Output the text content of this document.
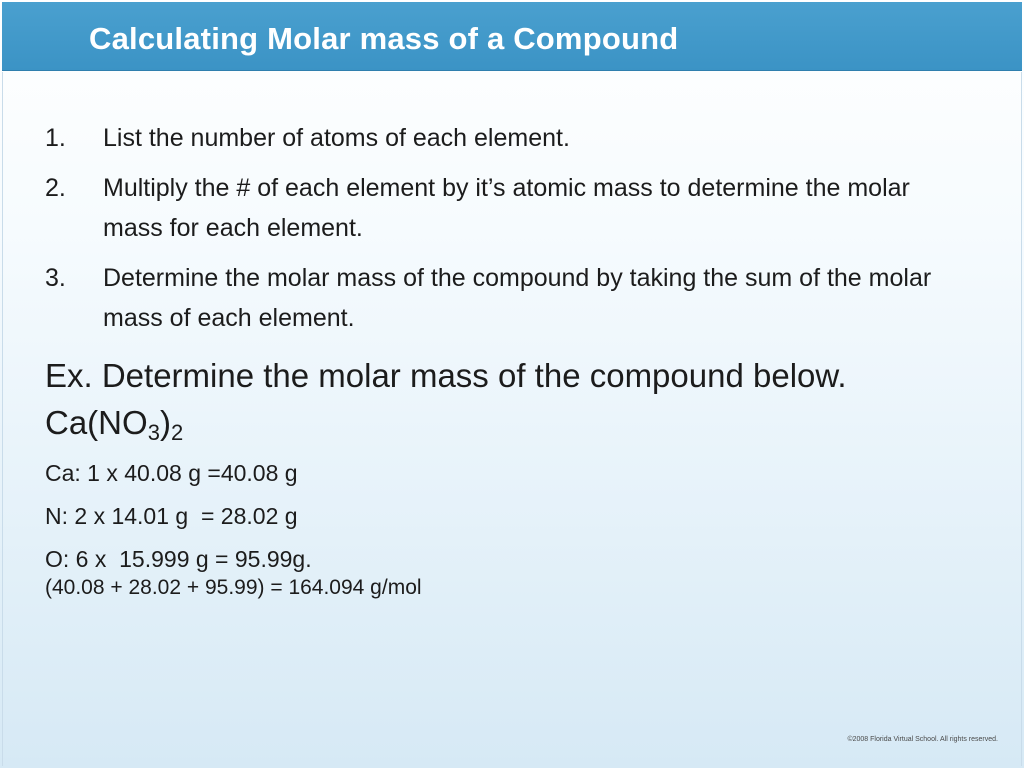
Calculating Molar mass of a Compound
1.	List the number of atoms of each element.
2.	Multiply the # of each element by it’s atomic mass to determine the molar mass for each element.
3.	Determine the molar mass of the compound by taking the sum of the molar mass of each element.
Ex. Determine the molar mass of the compound below. $Ca(NO_3)_2$
Ca: 1 x 40.08 g =40.08 g
N: 2 x 14.01 g  = 28.02 g
O: 6 x  15.999 g = 95.99g.
(40.08 + 28.02 + 95.99) = 164.094 g/mol
©2008 Florida Virtual School. All rights reserved.
